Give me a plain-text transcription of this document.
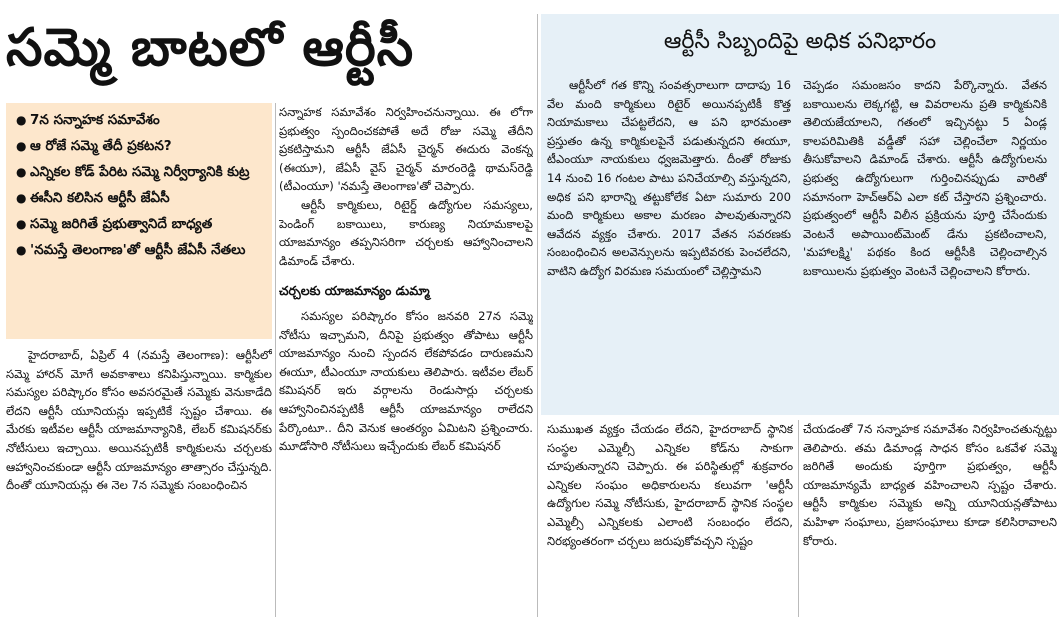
సమ్మె బాటలో ఆర్టీసీ
● 7న సన్నాహక సమావేశం
● ఆ రోజే సమ్మె తేదీ ప్రకటన?
● ఎన్నికల కోడ్ పేరిట సమ్మె నిర్వీర్యానికి కుట్ర
● ఈసీని కలిసిన ఆర్టీసీ జేఏసీ
● సమ్మె జరిగితే ప్రభుత్వానిదే బాధ్యత
● 'నమస్తే తెలంగాణ'తో ఆర్టీసీ జేఏసీ నేతలు

హైదరాబాద్, ఏప్రిల్ 4 (నమస్తే తెలంగాణ): ఆర్టీసీలో సమ్మె హారన్ మోగే అవకాశాలు కనిపిస్తున్నాయి. కార్మికుల సమస్యల పరిష్కారం కోసం అవసరమైతే సమ్మెకు వెనుకాడేది లేదని ఆర్టీసీ యూనియన్లు ఇప్పటికే స్పష్టం చేశాయి. ఈ మేరకు ఇటీవల ఆర్టీసీ యాజమాన్యానికి, లేబర్ కమిషనర్‌కు నోటీసులు ఇచ్చాయి. అయినప్పటికీ కార్మికులను చర్చలకు ఆహ్వానించకుండా ఆర్టీసీ యాజమాన్యం తాత్సారం చేస్తున్నది. దీంతో యూనియన్లు ఈ నెల 7న సమ్మెకు సంబంధించిన

సన్నాహక సమావేశం నిర్వహించనున్నాయి. ఈ లోగా ప్రభుత్వం స్పందించకపోతే అదే రోజు సమ్మె తేదీని ప్రకటిస్తామని ఆర్టీసీ జేఏసీ చైర్మన్ ఈదురు వెంకన్న (ఈయూ), జేఏసీ వైస్ చైర్మన్ మారంరెడ్డి థామస్‌రెడ్డి (టీఎంయూ) 'నమస్తే తెలంగాణ'తో చెప్పారు.

ఆర్టీసీ కార్మికులు, రిటైర్డ్ ఉద్యోగుల సమస్యలు, పెండింగ్ బకాయిలు, కారుణ్య నియామకాలపై యాజమాన్యం తప్పనిసరిగా చర్చలకు ఆహ్వానించాలని డిమాండ్ చేశారు.

చర్చలకు యాజమాన్యం డుమ్మా

సమస్యల పరిష్కారం కోసం జనవరి 27న సమ్మె నోటీసు ఇచ్చామని, దీనిపై ప్రభుత్వం తోపాటు ఆర్టీసీ యాజమాన్యం నుంచి స్పందన లేకపోవడం దారుణమని ఈయూ, టీఎంయూ నాయకులు తెలిపారు. ఇటీవల లేబర్ కమిషనర్ ఇరు వర్గాలను రెండుసార్లు చర్చలకు ఆహ్వానించినప్పటికీ ఆర్టీసీ యాజమాన్యం రాలేదని పేర్కొంటూ.. దీని వెనుక ఆంతర్యం ఏమిటని ప్రశ్నించారు. మూడోసారి నోటీసులు ఇచ్చేందుకు లేబర్ కమిషనర్

ఆర్టీసీ సిబ్బందిపై అధిక పనిభారం

ఆర్టీసీలో గత కొన్ని సంవత్సరాలుగా దాదాపు 16 వేల మంది కార్మికులు రిటైర్ అయినప్పటికీ కొత్త నియామకాలు చేపట్టలేదని, ఆ పని భారమంతా ప్రస్తుతం ఉన్న కార్మికులపైనే పడుతున్నదని ఈయూ, టీఎంయూ నాయకులు ధ్వజమెత్తారు. దీంతో రోజుకు 14 నుంచి 16 గంటల పాటు పనిచేయాల్సి వస్తున్నదని, అధిక పని భారాన్ని తట్టుకోలేక ఏటా సుమారు 200 మంది కార్మికులు అకాల మరణం పాలవుతున్నారని ఆవేదన వ్యక్తం చేశారు. 2017 వేతన సవరణకు సంబంధించిన అలవెన్సులను ఇప్పటివరకు పెంచలేదని, వాటిని ఉద్యోగ విరమణ సమయంలో చెల్లిస్తామని

చెప్పడం సమంజసం కాదని పేర్కొన్నారు. వేతన బకాయిలను లెక్కగట్టి, ఆ వివరాలను ప్రతి కార్మికునికి తెలియజేయాలని, గతంలో ఇచ్చినట్టు 5 ఏండ్ల కాలపరిమితికి వడ్డీతో సహా చెల్లించేలా నిర్ణయం తీసుకోవాలని డిమాండ్ చేశారు. ఆర్టీసీ ఉద్యోగులను ప్రభుత్వ ఉద్యోగులుగా గుర్తించినప్పుడు వారితో సమానంగా హెచ్‌ఆర్‌ఏ ఎలా కట్ చేస్తారని ప్రశ్నించారు. ప్రభుత్వంలో ఆర్టీసీ విలీన ప్రక్రియను పూర్తి చేసేందుకు వెంటనే అపాయింట్‌మెంట్ డేను ప్రకటించాలని, 'మహాలక్ష్మి' పథకం కింద ఆర్టీసీకి చెల్లించాల్సిన బకాయిలను ప్రభుత్వం వెంటనే చెల్లించాలని కోరారు.

సుముఖత వ్యక్తం చేయడం లేదని, హైదరాబాద్ స్థానిక సంస్థల ఎమ్మెల్సీ ఎన్నికల కోడ్‌ను సాకుగా చూపుతున్నారని చెప్పారు. ఈ పరిస్థితుల్లో శుక్రవారం ఎన్నికల సంఘం అధికారులను కలువగా 'ఆర్టీసీ ఉద్యోగుల సమ్మె నోటీసుకు, హైదరాబాద్ స్థానిక సంస్థల ఎమ్మెల్సీ ఎన్నికలకు ఎలాంటి సంబంధం లేదని, నిరభ్యంతరంగా చర్చలు జరుపుకోవచ్చని స్పష్టం

చేయడంతో 7న సన్నాహక సమావేశం నిర్వహించతున్నట్టు తెలిపారు. తమ డిమాండ్ల సాధన కోసం ఒకవేళ సమ్మె జరిగితే అందుకు పూర్తిగా ప్రభుత్వం, ఆర్టీసీ యాజమాన్యమే బాధ్యత వహించాలని స్పష్టం చేశారు. ఆర్టీసీ కార్మికుల సమ్మెకు అన్ని యూనియన్లతోపాటు మహిళా సంఘాలు, ప్రజాసంఘాలు కూడా కలిసిరావాలని కోరారు.
